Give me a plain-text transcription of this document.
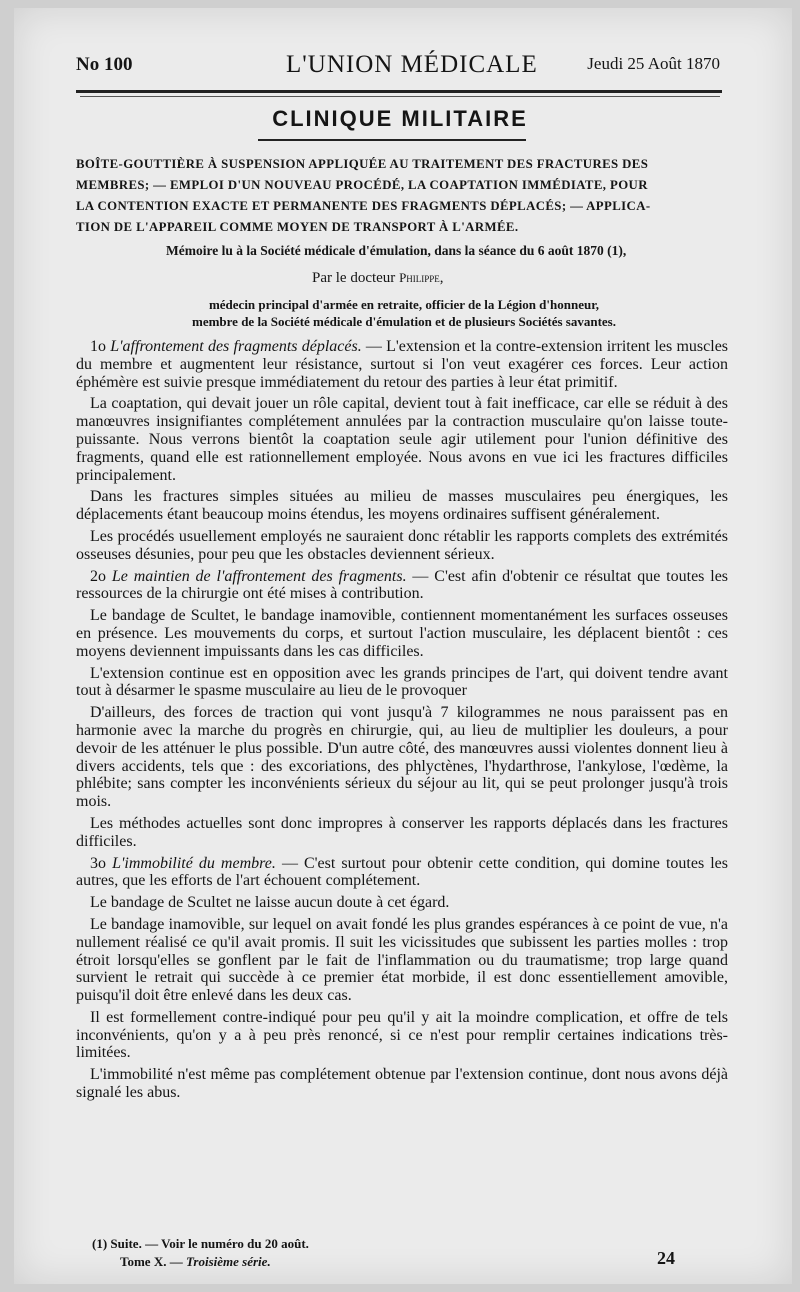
No 100	L'UNION MÉDICALE	Jeudi 25 Août 1870
CLINIQUE MILITAIRE
BOÎTE-GOUTTIÈRE À SUSPENSION APPLIQUÉE AU TRAITEMENT DES FRACTURES DES
MEMBRES; — EMPLOI D'UN NOUVEAU PROCÉDÉ, LA COAPTATION IMMÉDIATE, POUR
LA CONTENTION EXACTE ET PERMANENTE DES FRAGMENTS DÉPLACÉS; — APPLICA-
TION DE L'APPAREIL COMME MOYEN DE TRANSPORT À L'ARMÉE.
Mémoire lu à la Société médicale d'émulation, dans la séance du 6 août 1870 (1),
Par le docteur Philippe,
médecin principal d'armée en retraite, officier de la Légion d'honneur,
membre de la Société médicale d'émulation et de plusieurs Sociétés savantes.

1o L'affrontement des fragments déplacés. — L'extension et la contre-extension irritent les muscles du membre et augmentent leur résistance, surtout si l'on veut exagérer ces forces. Leur action éphémère est suivie presque immédiatement du retour des parties à leur état primitif.

La coaptation, qui devait jouer un rôle capital, devient tout à fait inefficace, car elle se réduit à des manœuvres insignifiantes complétement annulées par la contraction musculaire qu'on laisse toute-puissante. Nous verrons bientôt la coaptation seule agir utilement pour l'union définitive des fragments, quand elle est rationnellement employée. Nous avons en vue ici les fractures difficiles principalement.

Dans les fractures simples situées au milieu de masses musculaires peu énergiques, les déplacements étant beaucoup moins étendus, les moyens ordinaires suffisent généralement.

Les procédés usuellement employés ne sauraient donc rétablir les rapports complets des extrémités osseuses désunies, pour peu que les obstacles deviennent sérieux.

2o Le maintien de l'affrontement des fragments. — C'est afin d'obtenir ce résultat que toutes les ressources de la chirurgie ont été mises à contribution.

Le bandage de Scultet, le bandage inamovible, contiennent momentanément les surfaces osseuses en présence. Les mouvements du corps, et surtout l'action musculaire, les déplacent bientôt : ces moyens deviennent impuissants dans les cas difficiles.

L'extension continue est en opposition avec les grands principes de l'art, qui doivent tendre avant tout à désarmer le spasme musculaire au lieu de le provoquer

D'ailleurs, des forces de traction qui vont jusqu'à 7 kilogrammes ne nous paraissent pas en harmonie avec la marche du progrès en chirurgie, qui, au lieu de multiplier les douleurs, a pour devoir de les atténuer le plus possible. D'un autre côté, des manœuvres aussi violentes donnent lieu à divers accidents, tels que : des excoriations, des phlyctènes, l'hydarthrose, l'ankylose, l'œdème, la phlébite; sans compter les inconvénients sérieux du séjour au lit, qui se peut prolonger jusqu'à trois mois.

Les méthodes actuelles sont donc impropres à conserver les rapports déplacés dans les fractures difficiles.

3o L'immobilité du membre. — C'est surtout pour obtenir cette condition, qui domine toutes les autres, que les efforts de l'art échouent complétement.

Le bandage de Scultet ne laisse aucun doute à cet égard.

Le bandage inamovible, sur lequel on avait fondé les plus grandes espérances à ce point de vue, n'a nullement réalisé ce qu'il avait promis. Il suit les vicissitudes que subissent les parties molles : trop étroit lorsqu'elles se gonflent par le fait de l'inflammation ou du traumatisme; trop large quand survient le retrait qui succède à ce premier état morbide, il est donc essentiellement amovible, puisqu'il doit être enlevé dans les deux cas.

Il est formellement contre-indiqué pour peu qu'il y ait la moindre complication, et offre de tels inconvénients, qu'on y a à peu près renoncé, si ce n'est pour remplir certaines indications très-limitées.

L'immobilité n'est même pas complétement obtenue par l'extension continue, dont nous avons déjà signalé les abus.

(1) Suite. — Voir le numéro du 20 août.
Tome X. — Troisième série.	24
